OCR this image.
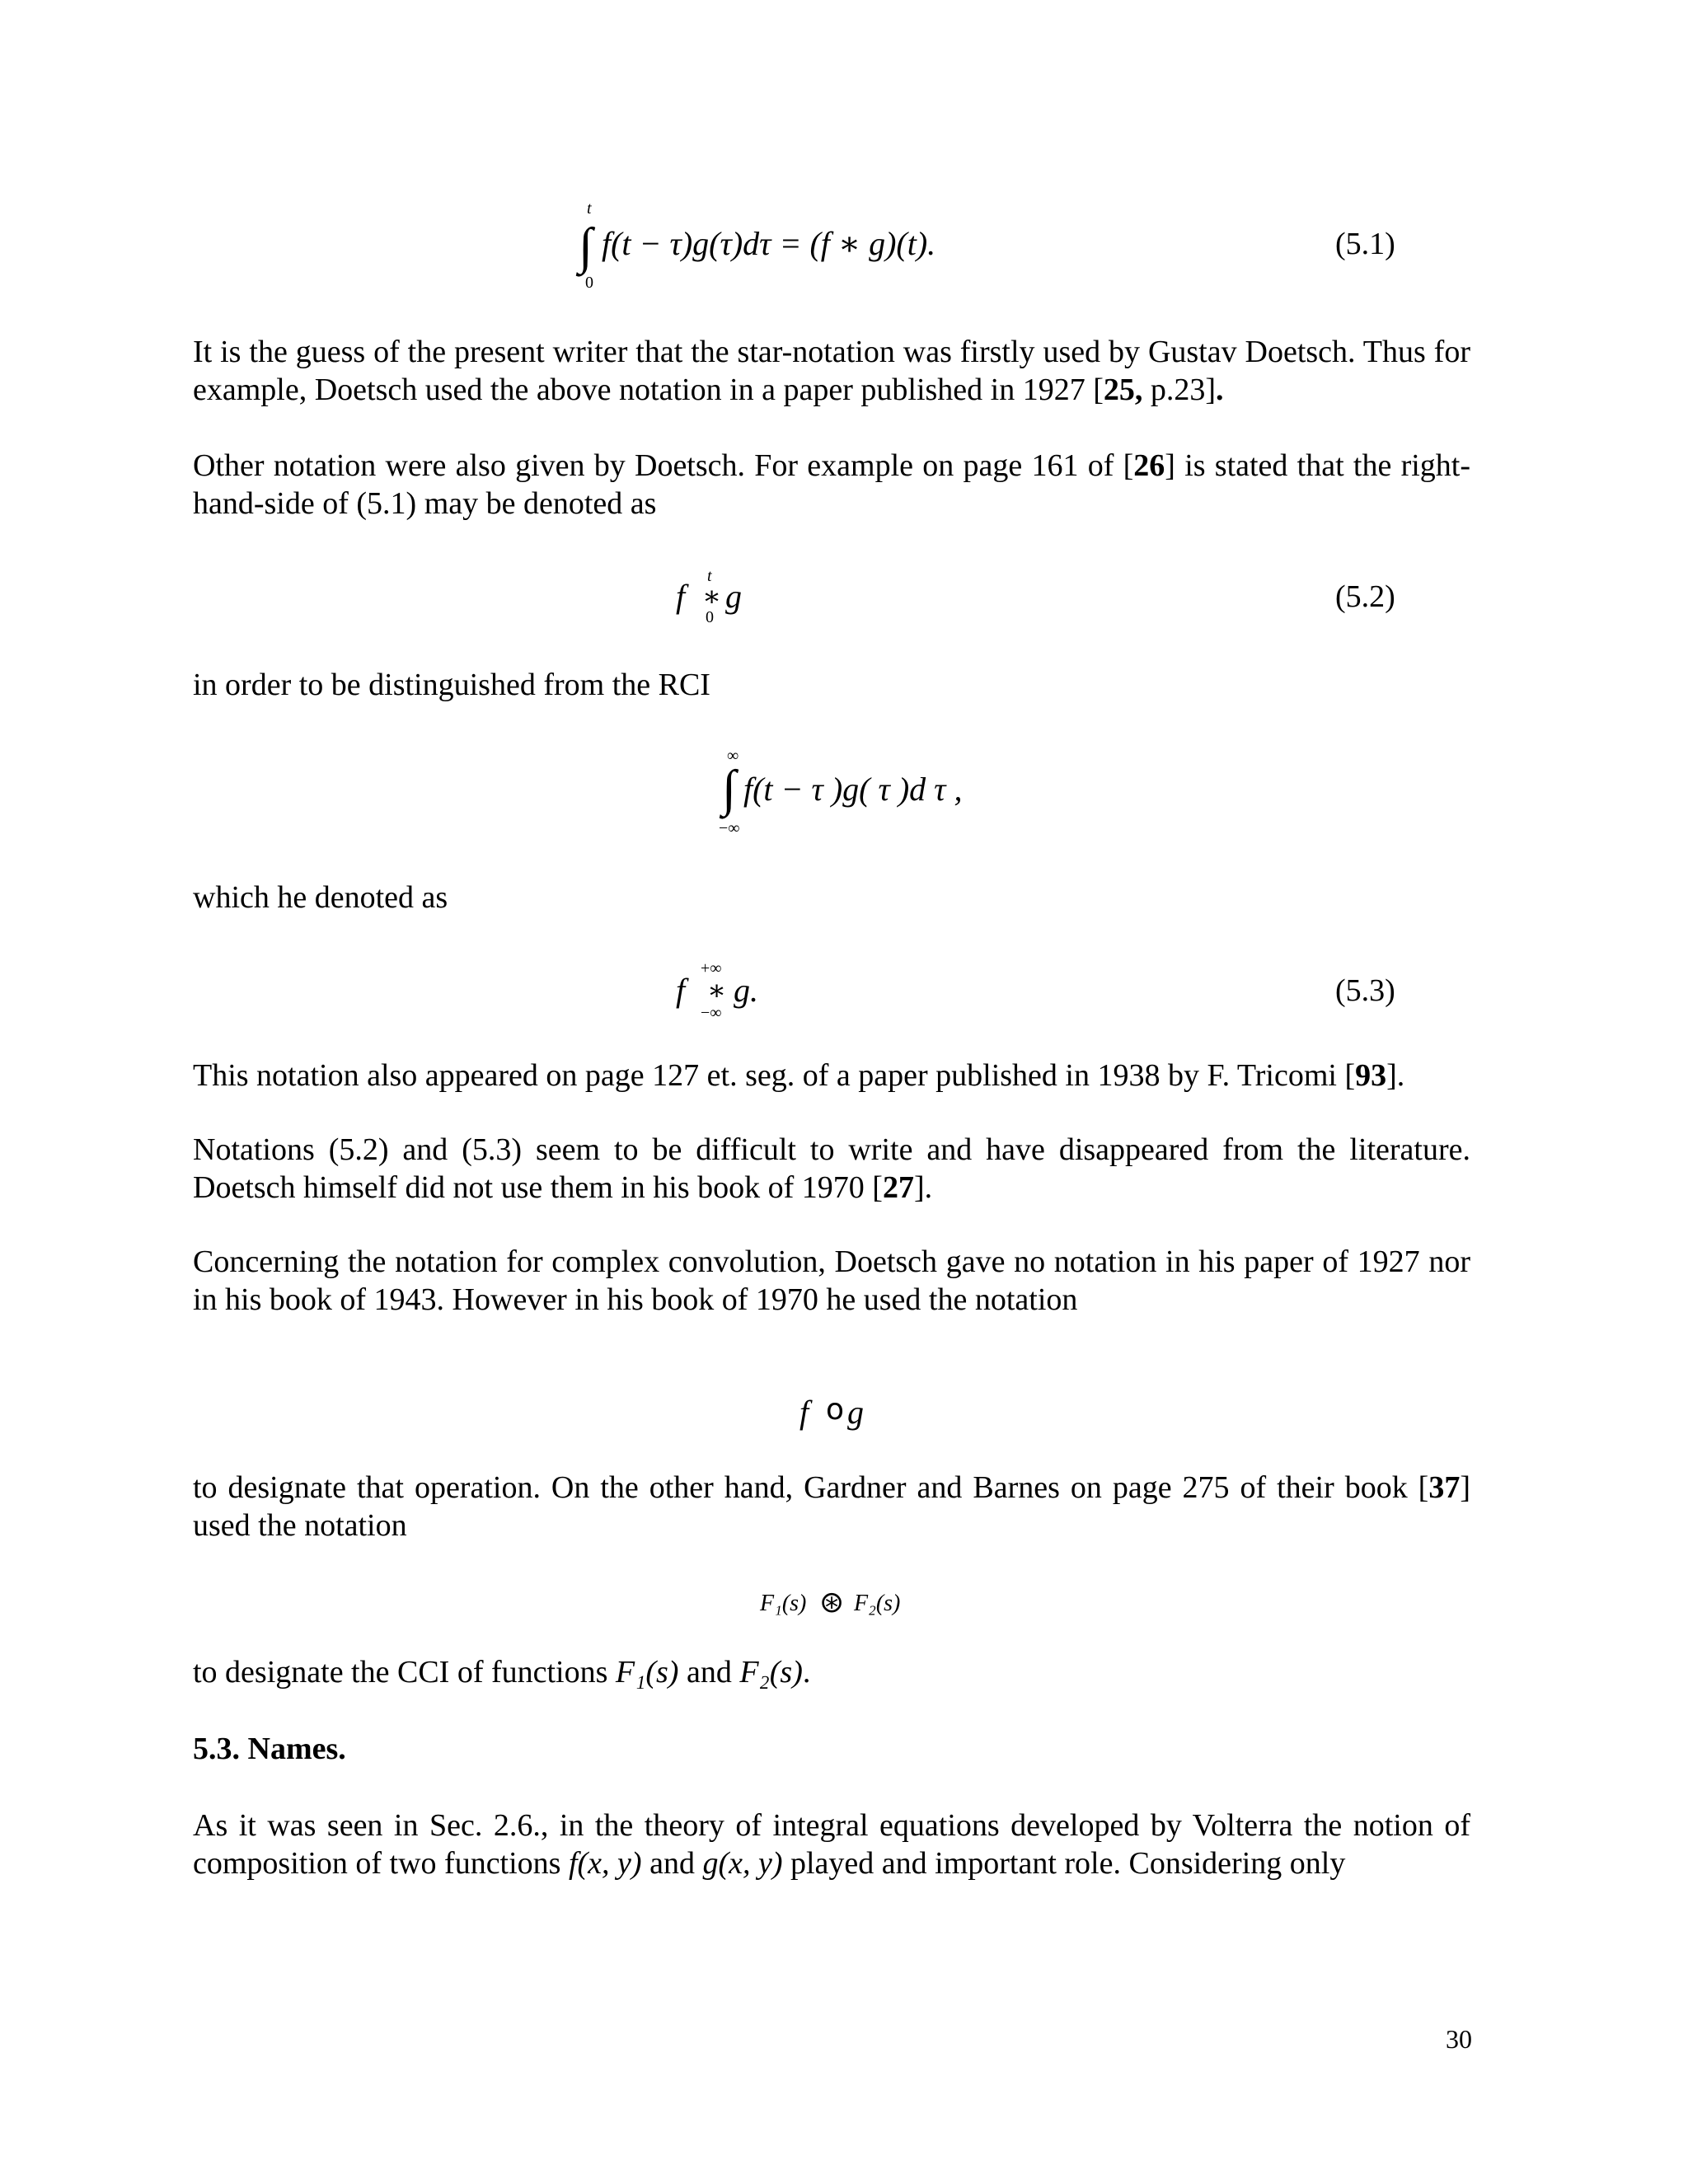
t
∫
0
f(t − τ)g(τ)dτ = (f ∗ g)(t).	(5.1)

It is the guess of the present writer that the star-notation was firstly used by Gustav Doetsch. Thus for example, Doetsch used the above notation in a paper published in 1927 [25, p.23].

Other notation were also given by Doetsch. For example on page 161 of [26] is stated that the right-hand-side of (5.1) may be denoted as

f
t
∗
0
g	(5.2)

in order to be distinguished from the RCI

∞
∫
−∞
f(t − τ )g( τ )d τ ,

which he denoted as

f
+∞
∗
−∞
g.	(5.3)

This notation also appeared on page 127 et. seg. of a paper published in 1938 by F. Tricomi [93].

Notations (5.2) and (5.3) seem to be difficult to write and have disappeared from the literature. Doetsch himself did not use them in his book of 1970 [27].

Concerning the notation for complex convolution, Doetsch gave no notation in his paper of 1927 nor in his book of 1943. However in his book of 1970 he used the notation

f o g

to designate that operation. On the other hand, Gardner and Barnes on page 275 of their book [37] used the notation

F₁(s) ⊛ F₂(s)

to designate the CCI of functions F₁(s) and F₂(s).

5.3. Names.

As it was seen in Sec. 2.6., in the theory of integral equations developed by Volterra the notion of composition of two functions f(x, y) and g(x, y) played and important role. Considering only

30
